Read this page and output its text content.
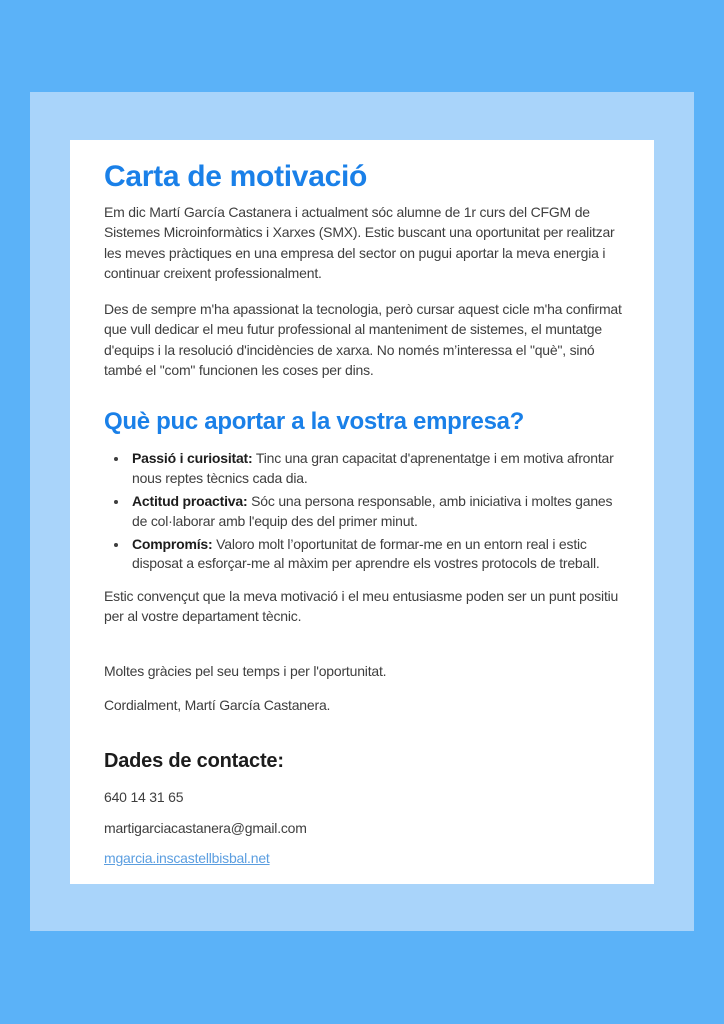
Carta de motivació

Em dic Martí García Castanera i actualment sóc alumne de 1r curs del CFGM de Sistemes Microinformàtics i Xarxes (SMX). Estic buscant una oportunitat per realitzar les meves pràctiques en una empresa del sector on pugui aportar la meva energia i continuar creixent professionalment.

Des de sempre m'ha apassionat la tecnologia, però cursar aquest cicle m'ha confirmat que vull dedicar el meu futur professional al manteniment de sistemes, el muntatge d'equips i la resolució d'incidències de xarxa. No només m’interessa el "què", sinó també el "com" funcionen les coses per dins.

Què puc aportar a la vostra empresa?
• Passió i curiositat: Tinc una gran capacitat d'aprenentatge i em motiva afrontar nous reptes tècnics cada dia.
• Actitud proactiva: Sóc una persona responsable, amb iniciativa i moltes ganes de col·laborar amb l'equip des del primer minut.
• Compromís: Valoro molt l’oportunitat de formar-me en un entorn real i estic disposat a esforçar-me al màxim per aprendre els vostres protocols de treball.

Estic convençut que la meva motivació i el meu entusiasme poden ser un punt positiu per al vostre departament tècnic.

Moltes gràcies pel seu temps i per l'oportunitat.

Cordialment, Martí García Castanera.

Dades de contacte:

640 14 31 65

martigarciacastanera@gmail.com

mgarcia.inscastellbisbal.net
